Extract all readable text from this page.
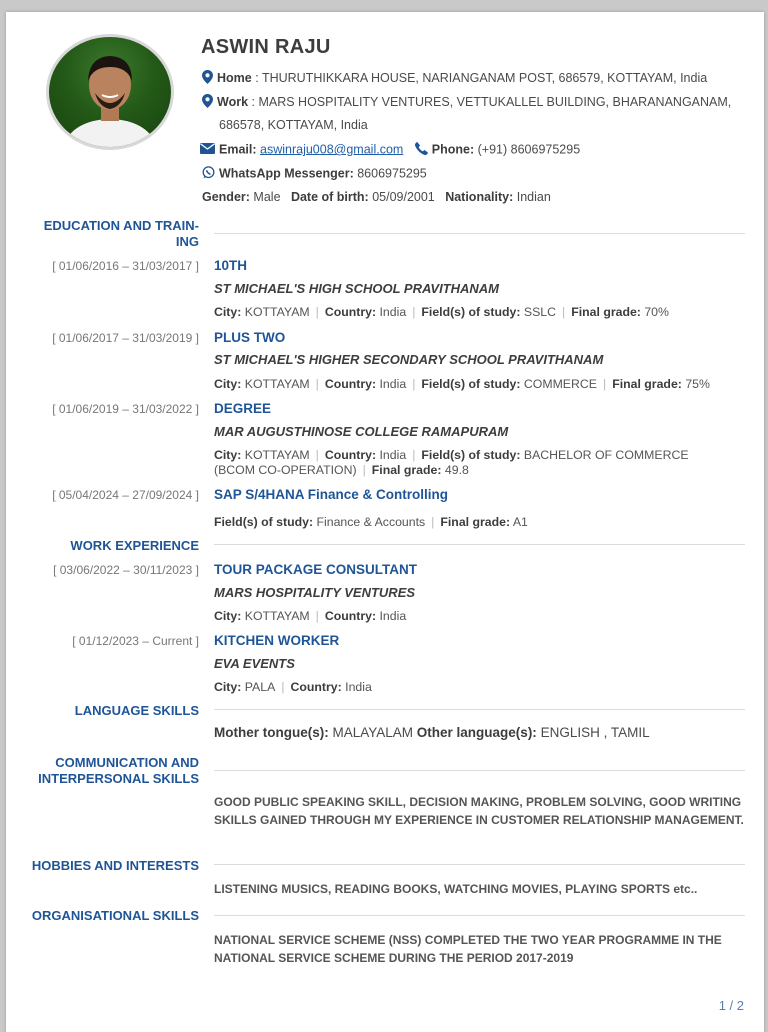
ASWIN RAJU
Home : THURUTHIKKARA HOUSE, NARIANGANAM POST, 686579, KOTTAYAM, India
Work : MARS HOSPITALITY VENTURES, VETTUKALLEL BUILDING, BHARANANGANAM,
686578, KOTTAYAM, India
Email: aswinraju008@gmail.com Phone: (+91) 8606975295
WhatsApp Messenger: 8606975295
Gender: Male Date of birth: 05/09/2001 Nationality: Indian
EDUCATION AND TRAIN-
ING
[ 01/06/2016 – 31/03/2017 ] 10TH
ST MICHAEL'S HIGH SCHOOL PRAVITHANAM
City: KOTTAYAM | Country: India | Field(s) of study: SSLC | Final grade: 70%
[ 01/06/2017 – 31/03/2019 ] PLUS TWO
ST MICHAEL'S HIGHER SECONDARY SCHOOL PRAVITHANAM
City: KOTTAYAM | Country: India | Field(s) of study: COMMERCE | Final grade: 75%
[ 01/06/2019 – 31/03/2022 ] DEGREE
MAR AUGUSTHINOSE COLLEGE RAMAPURAM
City: KOTTAYAM | Country: India | Field(s) of study: BACHELOR OF COMMERCE
(BCOM CO-OPERATION) | Final grade: 49.8
[ 05/04/2024 – 27/09/2024 ] SAP S/4HANA Finance & Controlling
Field(s) of study: Finance & Accounts | Final grade: A1
WORK EXPERIENCE
[ 03/06/2022 – 30/11/2023 ] TOUR PACKAGE CONSULTANT
MARS HOSPITALITY VENTURES
City: KOTTAYAM | Country: India
[ 01/12/2023 – Current ] KITCHEN WORKER
EVA EVENTS
City: PALA | Country: India
LANGUAGE SKILLS
Mother tongue(s): MALAYALAM Other language(s): ENGLISH , TAMIL
COMMUNICATION AND
INTERPERSONAL SKILLS
GOOD PUBLIC SPEAKING SKILL, DECISION MAKING, PROBLEM SOLVING, GOOD WRITING SKILLS GAINED THROUGH MY EXPERIENCE IN CUSTOMER RELATIONSHIP MANAGEMENT.
HOBBIES AND INTERESTS
LISTENING MUSICS, READING BOOKS, WATCHING MOVIES, PLAYING SPORTS etc..
ORGANISATIONAL SKILLS
NATIONAL SERVICE SCHEME (NSS) COMPLETED THE TWO YEAR PROGRAMME IN THE NATIONAL SERVICE SCHEME DURING THE PERIOD 2017-2019
1 / 2
